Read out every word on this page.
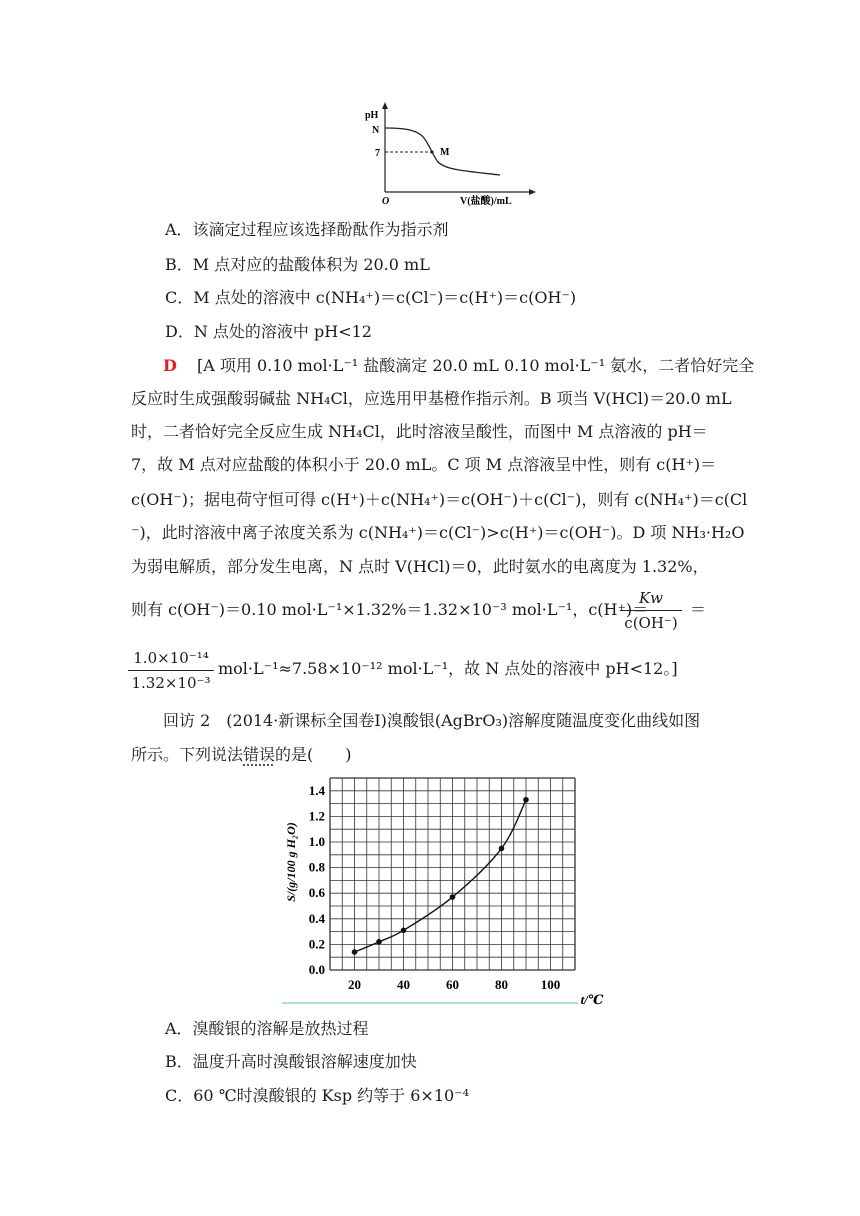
pH
N
7
O	V(盐酸)/mL
M
A．该滴定过程应该选择酚酞作为指示剂
B．M 点对应的盐酸体积为 20.0 mL
C．M 点处的溶液中 c(NH₄⁺)＝c(Cl⁻)＝c(H⁺)＝c(OH⁻)
D．N 点处的溶液中 pH<12
D [A 项用 0.10 mol·L⁻¹ 盐酸滴定 20.0 mL 0.10 mol·L⁻¹ 氨水，二者恰好完全
反应时生成强酸弱碱盐 NH₄Cl，应选用甲基橙作指示剂。B 项当 V(HCl)＝20.0 mL
时，二者恰好完全反应生成 NH₄Cl，此时溶液呈酸性，而图中 M 点溶液的 pH＝
7，故 M 点对应盐酸的体积小于 20.0 mL。C 项 M 点溶液呈中性，则有 c(H⁺)＝
c(OH⁻)；据电荷守恒可得 c(H⁺)＋c(NH₄⁺)＝c(OH⁻)＋c(Cl⁻)，则有 c(NH₄⁺)＝c(Cl
⁻)，此时溶液中离子浓度关系为 c(NH₄⁺)＝c(Cl⁻)>c(H⁺)＝c(OH⁻)。D 项 NH₃·H₂O
为弱电解质，部分发生电离，N 点时 V(HCl)＝0，此时氨水的电离度为 1.32%，
则有 c(OH⁻)＝0.10 mol·L⁻¹×1.32%＝1.32×10⁻³ mol·L⁻¹，c(H⁺)＝
Kw
c(OH⁻)
＝
1.0×10⁻¹⁴
1.32×10⁻³
mol·L⁻¹≈7.58×10⁻¹² mol·L⁻¹，故 N 点处的溶液中 pH<12。]
回访 2　(2014·新课标全国卷Ⅰ)溴酸银(AgBrO₃)溶解度随温度变化曲线如图
所示。下列说法错误的是(　　)
0.0
0.2
0.4
0.6
0.8
1.0
1.2
1.4
20	40	60	80	100
S/(g/100 g H₂O)
t/℃
A．溴酸银的溶解是放热过程
B．温度升高时溴酸银溶解速度加快
C．60 ℃时溴酸银的 Ksp 约等于 6×10⁻⁴
